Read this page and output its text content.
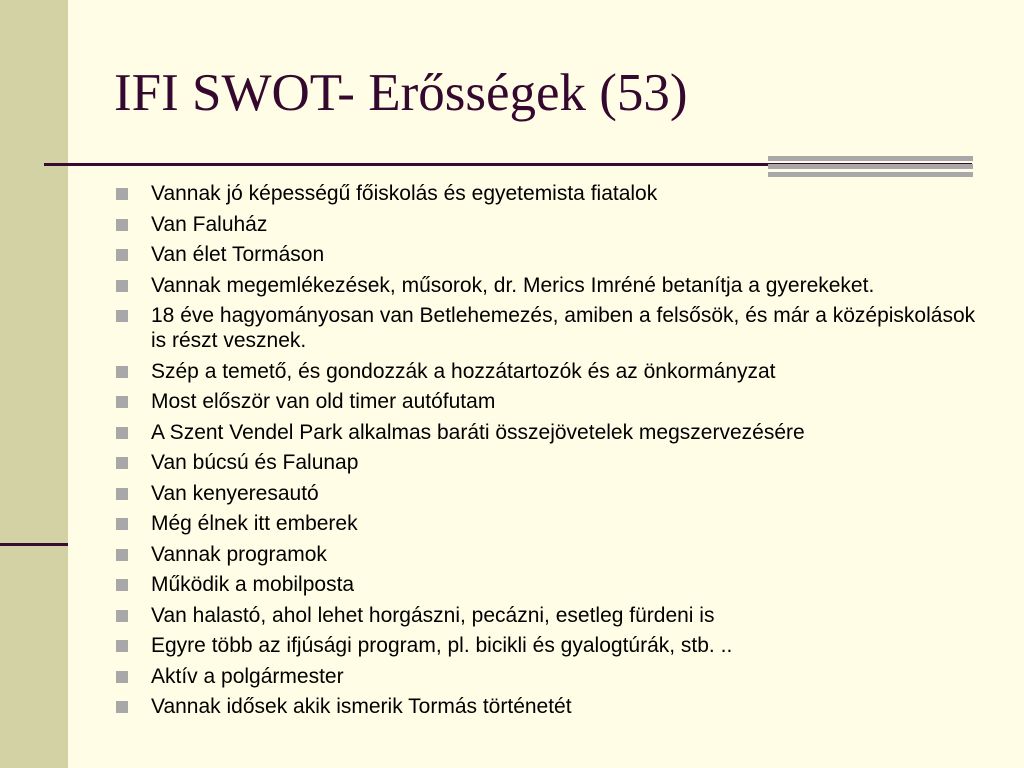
IFI SWOT- Erősségek (53)
Vannak jó képességű főiskolás és egyetemista fiatalok
Van Faluház
Van élet Tormáson
Vannak megemlékezések, műsorok, dr. Merics Imréné betanítja a gyerekeket.
18 éve hagyományosan van Betlehemezés, amiben a felsősök, és már a középiskolások is részt vesznek.
Szép a temető, és gondozzák a hozzátartozók és az önkormányzat
Most először van old timer autófutam
A Szent Vendel Park alkalmas baráti összejövetelek megszervezésére
Van búcsú és Falunap
Van kenyeresautó
Még élnek itt emberek
Vannak programok
Működik a mobilposta
Van halastó, ahol lehet horgászni, pecázni, esetleg fürdeni is
Egyre több az ifjúsági program, pl. bicikli és gyalogtúrák, stb. ..
Aktív a polgármester
Vannak idősek akik ismerik Tormás történetét
